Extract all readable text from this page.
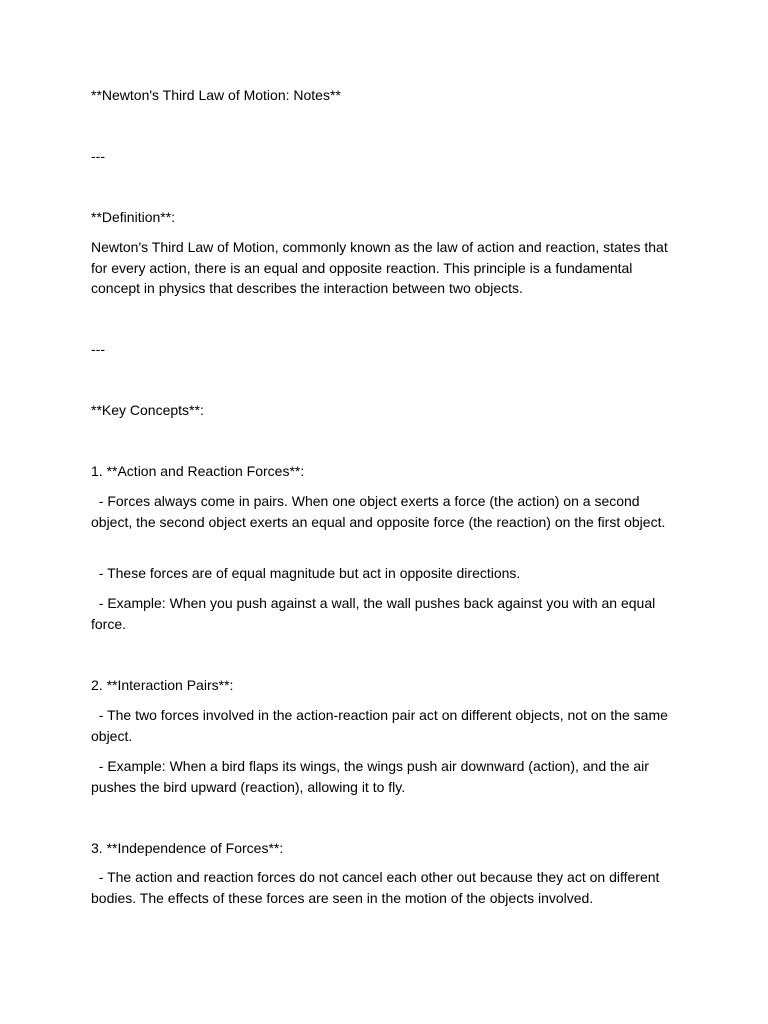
**Newton's Third Law of Motion: Notes**

---

**Definition**:

Newton's Third Law of Motion, commonly known as the law of action and reaction, states that for every action, there is an equal and opposite reaction. This principle is a fundamental concept in physics that describes the interaction between two objects.

---

**Key Concepts**:

1. **Action and Reaction Forces**:

- Forces always come in pairs. When one object exerts a force (the action) on a second object, the second object exerts an equal and opposite force (the reaction) on the first object.

- These forces are of equal magnitude but act in opposite directions.

- Example: When you push against a wall, the wall pushes back against you with an equal force.

2. **Interaction Pairs**:

- The two forces involved in the action-reaction pair act on different objects, not on the same object.

- Example: When a bird flaps its wings, the wings push air downward (action), and the air pushes the bird upward (reaction), allowing it to fly.

3. **Independence of Forces**:

- The action and reaction forces do not cancel each other out because they act on different bodies. The effects of these forces are seen in the motion of the objects involved.
